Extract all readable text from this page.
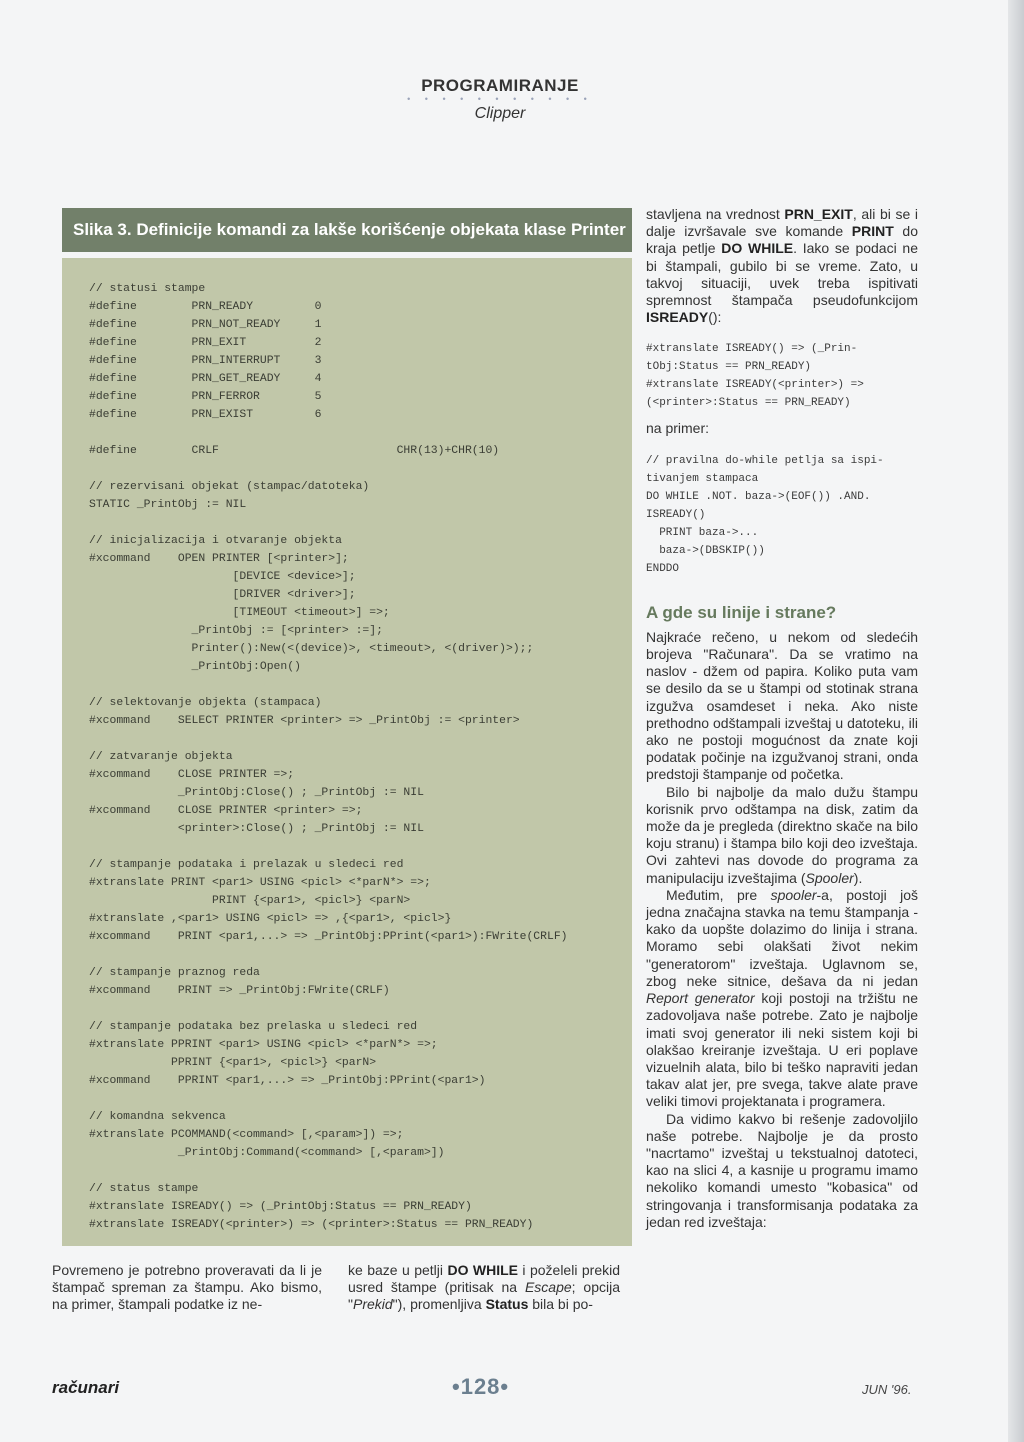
PROGRAMIRANJE
• • • • • • • • • • •
Clipper
Slika 3. Definicije komandi za lakše korišćenje objekata klase Printer
// statusi stampe
#define        PRN_READY         0
#define        PRN_NOT_READY     1
#define        PRN_EXIT          2
#define        PRN_INTERRUPT     3
#define        PRN_GET_READY     4
#define        PRN_FERROR        5
#define        PRN_EXIST         6

#define        CRLF                          CHR(13)+CHR(10)

// rezervisani objekat (stampac/datoteka)
STATIC _PrintObj := NIL

// inicjalizacija i otvaranje objekta
#xcommand    OPEN PRINTER [<printer>];
[DEVICE <device>];
[DRIVER <driver>];
[TIMEOUT <timeout>] =>;
_PrintObj := [<printer> :=];
Printer():New(<(device)>, <timeout>, <(driver)>);;
_PrintObj:Open()

// selektovanje objekta (stampaca)
#xcommand    SELECT PRINTER <printer> => _PrintObj := <printer>

// zatvaranje objekta
#xcommand    CLOSE PRINTER =>;
_PrintObj:Close() ; _PrintObj := NIL
#xcommand    CLOSE PRINTER <printer> =>;
<printer>:Close() ; _PrintObj := NIL

// stampanje podataka i prelazak u sledeci red
#xtranslate PRINT <par1> USING <picl> <*parN*> =>;
PRINT {<par1>, <picl>} <parN>
#xtranslate ,<par1> USING <picl> => ,{<par1>, <picl>}
#xcommand    PRINT <par1,...> => _PrintObj:PPrint(<par1>):FWrite(CRLF)

// stampanje praznog reda
#xcommand    PRINT => _PrintObj:FWrite(CRLF)

// stampanje podataka bez prelaska u sledeci red
#xtranslate PPRINT <par1> USING <picl> <*parN*> =>;
PPRINT {<par1>, <picl>} <parN>
#xcommand    PPRINT <par1,...> => _PrintObj:PPrint(<par1>)

// komandna sekvenca
#xtranslate PCOMMAND(<command> [,<param>]) =>;
_PrintObj:Command(<command> [,<param>])

// status stampe
#xtranslate ISREADY() => (_PrintObj:Status == PRN_READY)
#xtranslate ISREADY(<printer>) => (<printer>:Status == PRN_READY)

Povremeno je potrebno proveravati da li je štampač spreman za štampu. Ako bismo, na primer, štampali podatke iz ne-

ke baze u petlji DO WHILE i poželeli prekid usred štampe (pritisak na Escape; opcija "Prekid"), promenljiva Status bila bi po-

stavljena na vrednost PRN_EXIT, ali bi se i dalje izvršavale sve komande PRINT do kraja petlje DO WHILE. Iako se podaci ne bi štampali, gubilo bi se vreme. Zato, u takvoj situaciji, uvek treba ispitivati spremnost štampača pseudofunkcijom ISREADY():

#xtranslate ISREADY() => (_Prin-
tObj:Status == PRN_READY)
#xtranslate ISREADY(<printer>) =>
(<printer>:Status == PRN_READY)

na primer:

// pravilna do-while petlja sa ispi-
tivanjem stampaca
DO WHILE .NOT. baza->(EOF()) .AND.
ISREADY()
PRINT baza->...
baza->(DBSKIP())
ENDDO

A gde su linije i strane?

Najkraće rečeno, u nekom od sledećih brojeva "Računara". Da se vratimo na naslov - džem od papira. Koliko puta vam se desilo da se u štampi od stotinak strana izgužva osamdeset i neka. Ako niste prethodno odštampali izveštaj u datoteku, ili ako ne postoji mogućnost da znate koji podatak počinje na izgužvanoj strani, onda predstoji štampanje od početka.

Bilo bi najbolje da malo dužu štampu korisnik prvo odštampa na disk, zatim da može da je pregleda (direktno skače na bilo koju stranu) i štampa bilo koji deo izveštaja. Ovi zahtevi nas dovode do programa za manipulaciju izveštajima (Spooler).

Međutim, pre spooler-a, postoji još jedna značajna stavka na temu štampanja - kako da uopšte dolazimo do linija i strana. Moramo sebi olakšati život nekim "generatorom" izveštaja. Uglavnom se, zbog neke sitnice, dešava da ni jedan Report generator koji postoji na tržištu ne zadovoljava naše potrebe. Zato je najbolje imati svoj generator ili neki sistem koji bi olakšao kreiranje izveštaja. U eri poplave vizuelnih alata, bilo bi teško napraviti jedan takav alat jer, pre svega, takve alate prave veliki timovi projektanata i programera.

Da vidimo kakvo bi rešenje zadovoljilo naše potrebe. Najbolje je da prosto "nacrtamo" izveštaj u tekstualnoj datoteci, kao na slici 4, a kasnije u programu imamo nekoliko komandi umesto "kobasica" od stringovanja i transformisanja podataka za jedan red izveštaja:

računari	•128•	JUN '96.
